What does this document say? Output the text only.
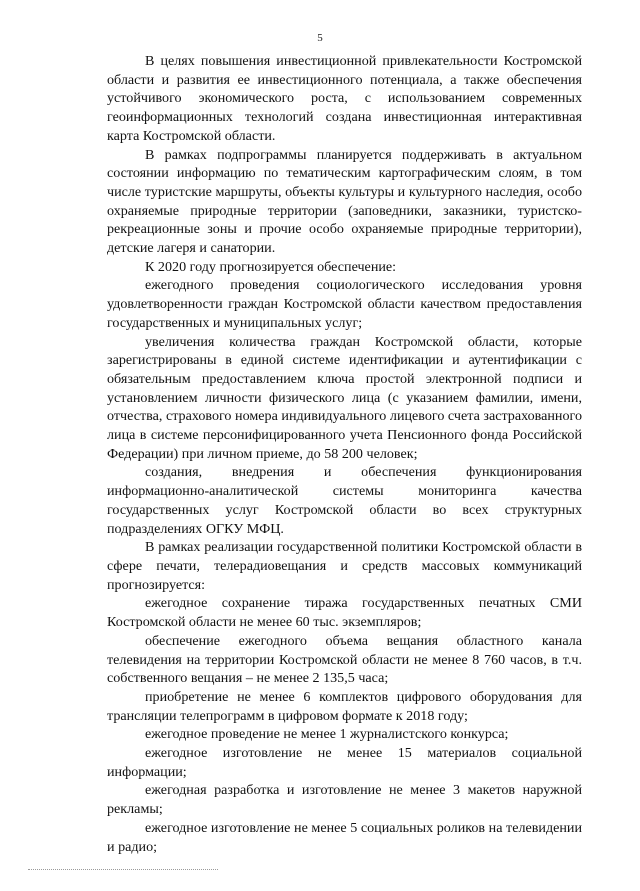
5

В целях повышения инвестиционной привлекательности Костромской области и развития ее инвестиционного потенциала, а также обеспечения устойчивого экономического роста, с использованием современных геоинформационных технологий создана инвестиционная интерактивная карта Костромской области.

В рамках подпрограммы планируется поддерживать в актуальном состоянии информацию по тематическим картографическим слоям, в том числе туристские маршруты, объекты культуры и культурного наследия, особо охраняемые природные территории (заповедники, заказники, туристско-рекреационные зоны и прочие особо охраняемые природные территории), детские лагеря и санатории.

К 2020 году прогнозируется обеспечение:

ежегодного проведения социологического исследования уровня удовлетворенности граждан Костромской области качеством предоставления государственных и муниципальных услуг;

увеличения количества граждан Костромской области, которые зарегистрированы в единой системе идентификации и аутентификации с обязательным предоставлением ключа простой электронной подписи и установлением личности физического лица (с указанием фамилии, имени, отчества, страхового номера индивидуального лицевого счета застрахованного лица в системе персонифицированного учета Пенсионного фонда Российской Федерации) при личном приеме, до 58 200 человек;

создания, внедрения и обеспечения функционирования информационно-аналитической системы мониторинга качества государственных услуг Костромской области во всех структурных подразделениях ОГКУ МФЦ.

В рамках реализации государственной политики Костромской области в сфере печати, телерадиовещания и средств массовых коммуникаций прогнозируется:

ежегодное сохранение тиража государственных печатных СМИ Костромской области не менее 60 тыс. экземпляров;

обеспечение ежегодного объема вещания областного канала телевидения на территории Костромской области не менее 8 760 часов, в т.ч. собственного вещания – не менее 2 135,5 часа;

приобретение не менее 6 комплектов цифрового оборудования для трансляции телепрограмм в цифровом формате к 2018 году;

ежегодное проведение не менее 1 журналистского конкурса;

ежегодное изготовление не менее 15 материалов социальной информации;

ежегодная разработка и изготовление не менее 3 макетов наружной рекламы;

ежегодное изготовление не менее 5 социальных роликов на телевидении и радио;
